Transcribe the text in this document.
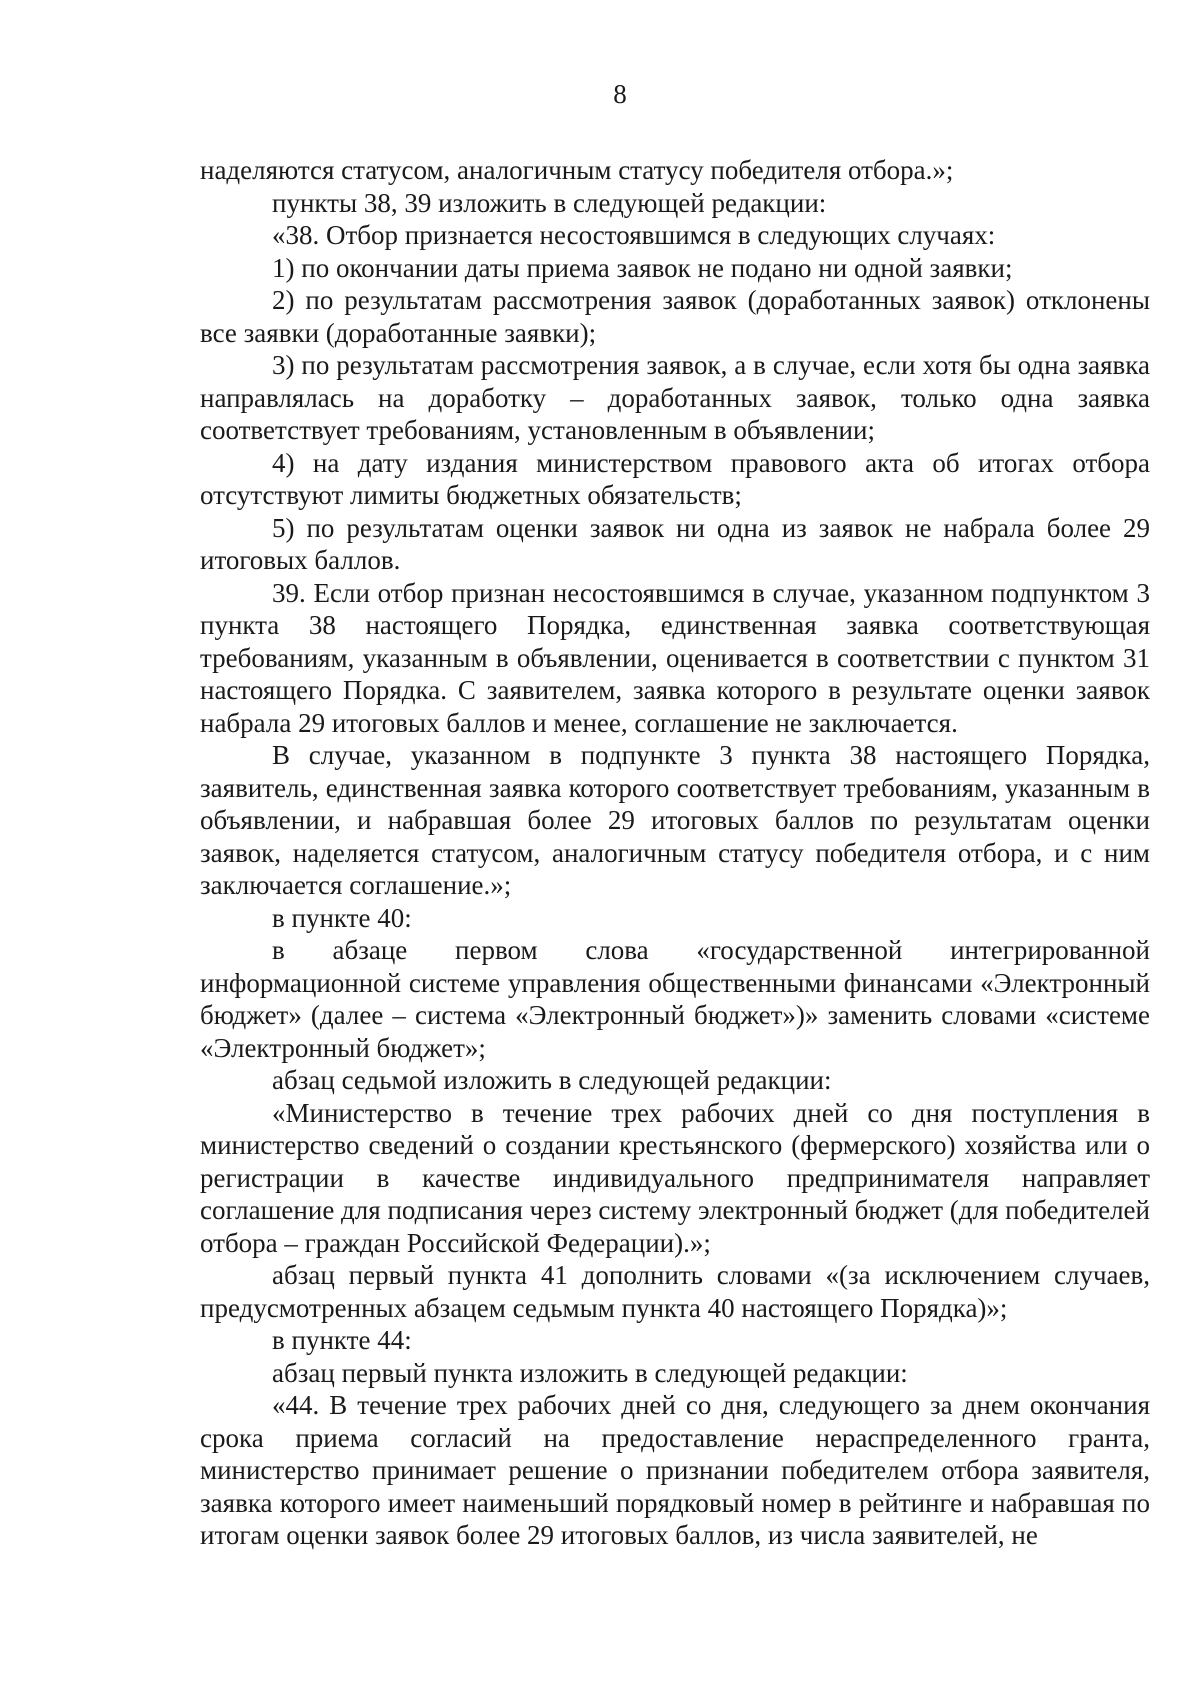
8

наделяются статусом, аналогичным статусу победителя отбора.»;

пункты 38, 39 изложить в следующей редакции:

«38. Отбор признается несостоявшимся в следующих случаях:

1) по окончании даты приема заявок не подано ни одной заявки;

2) по результатам рассмотрения заявок (доработанных заявок) отклонены все заявки (доработанные заявки);

3) по результатам рассмотрения заявок, а в случае, если хотя бы одна заявка направлялась на доработку – доработанных заявок, только одна заявка соответствует требованиям, установленным в объявлении;

4) на дату издания министерством правового акта об итогах отбора отсутствуют лимиты бюджетных обязательств;

5) по результатам оценки заявок ни одна из заявок не набрала более 29 итоговых баллов.

39. Если отбор признан несостоявшимся в случае, указанном подпунктом 3 пункта 38 настоящего Порядка, единственная заявка соответствующая требованиям, указанным в объявлении, оценивается в соответствии с пунктом 31 настоящего Порядка. С заявителем, заявка которого в результате оценки заявок набрала 29 итоговых баллов и менее, соглашение не заключается.

В случае, указанном в подпункте 3 пункта 38 настоящего Порядка, заявитель, единственная заявка которого соответствует требованиям, указанным в объявлении, и набравшая более 29 итоговых баллов по результатам оценки заявок, наделяется статусом, аналогичным статусу победителя отбора, и с ним заключается соглашение.»;

в пункте 40:

в абзаце первом слова «государственной интегрированной информационной системе управления общественными финансами «Электронный бюджет» (далее – система «Электронный бюджет»)» заменить словами «системе «Электронный бюджет»;

абзац седьмой изложить в следующей редакции:

«Министерство в течение трех рабочих дней со дня поступления в министерство сведений о создании крестьянского (фермерского) хозяйства или о регистрации в качестве индивидуального предпринимателя направляет соглашение для подписания через систему электронный бюджет (для победителей отбора – граждан Российской Федерации).»;

абзац первый пункта 41 дополнить словами «(за исключением случаев, предусмотренных абзацем седьмым пункта 40 настоящего Порядка)»;

в пункте 44:

абзац первый пункта изложить в следующей редакции:

«44. В течение трех рабочих дней со дня, следующего за днем окончания срока приема согласий на предоставление нераспределенного гранта, министерство принимает решение о признании победителем отбора заявителя, заявка которого имеет наименьший порядковый номер в рейтинге и набравшая по итогам оценки заявок более 29 итоговых баллов, из числа заявителей, не
